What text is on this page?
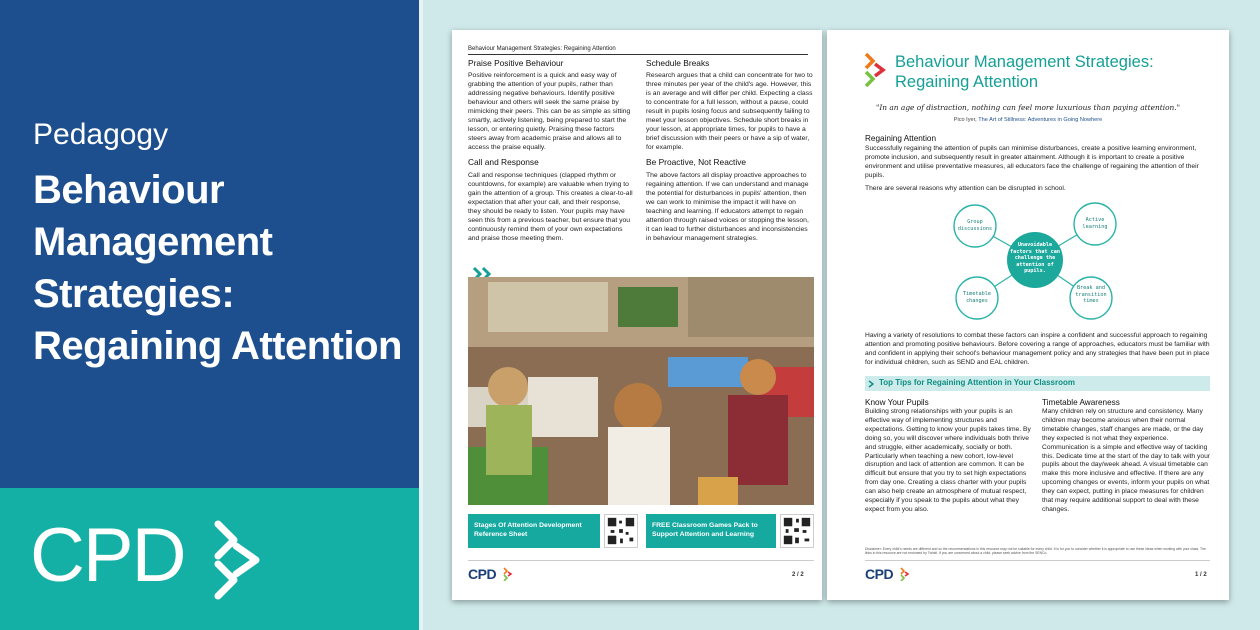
Pedagogy
Behaviour Management Strategies: Regaining Attention
CPD
Behaviour Management Strategies: Regaining Attention
Praise Positive Behaviour

Positive reinforcement is a quick and easy way of grabbing the attention of your pupils, rather than addressing negative behaviours. Identify positive behaviour and others will seek the same praise by mimicking their peers. This can be as simple as sitting smartly, actively listening, being prepared to start the lesson, or entering quietly. Praising these factors steers away from academic praise and allows all to access the praise equally.

Call and Response

Call and response techniques (clapped rhythm or countdowns, for example) are valuable when trying to gain the attention of a group. This creates a clear-to-all expectation that after your call, and their response, they should be ready to listen. Your pupils may have seen this from a previous teacher, but ensure that you continuously remind them of your own expectations and praise those meeting them.

Schedule Breaks

Research argues that a child can concentrate for two to three minutes per year of the child's age. However, this is an average and will differ per child. Expecting a class to concentrate for a full lesson, without a pause, could result in pupils losing focus and subsequently failing to meet your lesson objectives. Schedule short breaks in your lesson, at appropriate times, for pupils to have a brief discussion with their peers or have a sip of water, for example.

Be Proactive, Not Reactive

The above factors all display proactive approaches to regaining attention. If we can understand and manage the potential for disturbances in pupils' attention, then we can work to minimise the impact it will have on teaching and learning. If educators attempt to regain attention through raised voices or stopping the lesson, it can lead to further disturbances and inconsistencies in behaviour management strategies.

Stages Of Attention Development Reference Sheet
FREE Classroom Games Pack to Support Attention and Learning
CPD	2 / 2
Behaviour Management Strategies: Regaining Attention
"In an age of distraction, nothing can feel more luxurious than paying attention."
Pico Iyer, The Art of Stillness: Adventures in Going Nowhere
Regaining Attention
Successfully regaining the attention of pupils can minimise disturbances, create a positive learning environment, promote inclusion, and subsequently result in greater attainment. Although it is important to create a positive environment and utilise preventative measures, all educators face the challenge of regaining the attention of their pupils.
There are several reasons why attention can be disrupted in school.
Unavoidable factors that can challenge the attention of pupils.
Group discussions
Active learning
Timetable changes
Break and transition times
Having a variety of resolutions to combat these factors can inspire a confident and successful approach to regaining attention and promoting positive behaviours. Before covering a range of approaches, educators must be familiar with and confident in applying their school's behaviour management policy and any strategies that have been put in place for individual children, such as SEND and EAL children.
Top Tips for Regaining Attention in Your Classroom
Know Your Pupils
Building strong relationships with your pupils is an effective way of implementing structures and expectations. Getting to know your pupils takes time. By doing so, you will discover where individuals both thrive and struggle, either academically, socially or both. Particularly when teaching a new cohort, low-level disruption and lack of attention are common. It can be difficult but ensure that you try to set high expectations from day one. Creating a class charter with your pupils can also help create an atmosphere of mutual respect, especially if you speak to the pupils about what they expect from you also.
Timetable Awareness
Many children rely on structure and consistency. Many children may become anxious when their normal timetable changes, staff changes are made, or the day they expected is not what they experience. Communication is a simple and effective way of tackling this. Dedicate time at the start of the day to talk with your pupils about the day/week ahead. A visual timetable can make this more inclusive and effective. If there are any upcoming changes or events, inform your pupils on what they can expect, putting in place measures for children that may require additional support to deal with these changes.
Disclaimer: Every child's needs are different and so the recommendations in this resource may not be suitable for every child. It is for you to consider whether it is appropriate to use these ideas when working with your class. The links in this resource are not endorsed by Twinkl. If you are concerned about a child, please seek advice from the SENCo.
CPD	1 / 2
